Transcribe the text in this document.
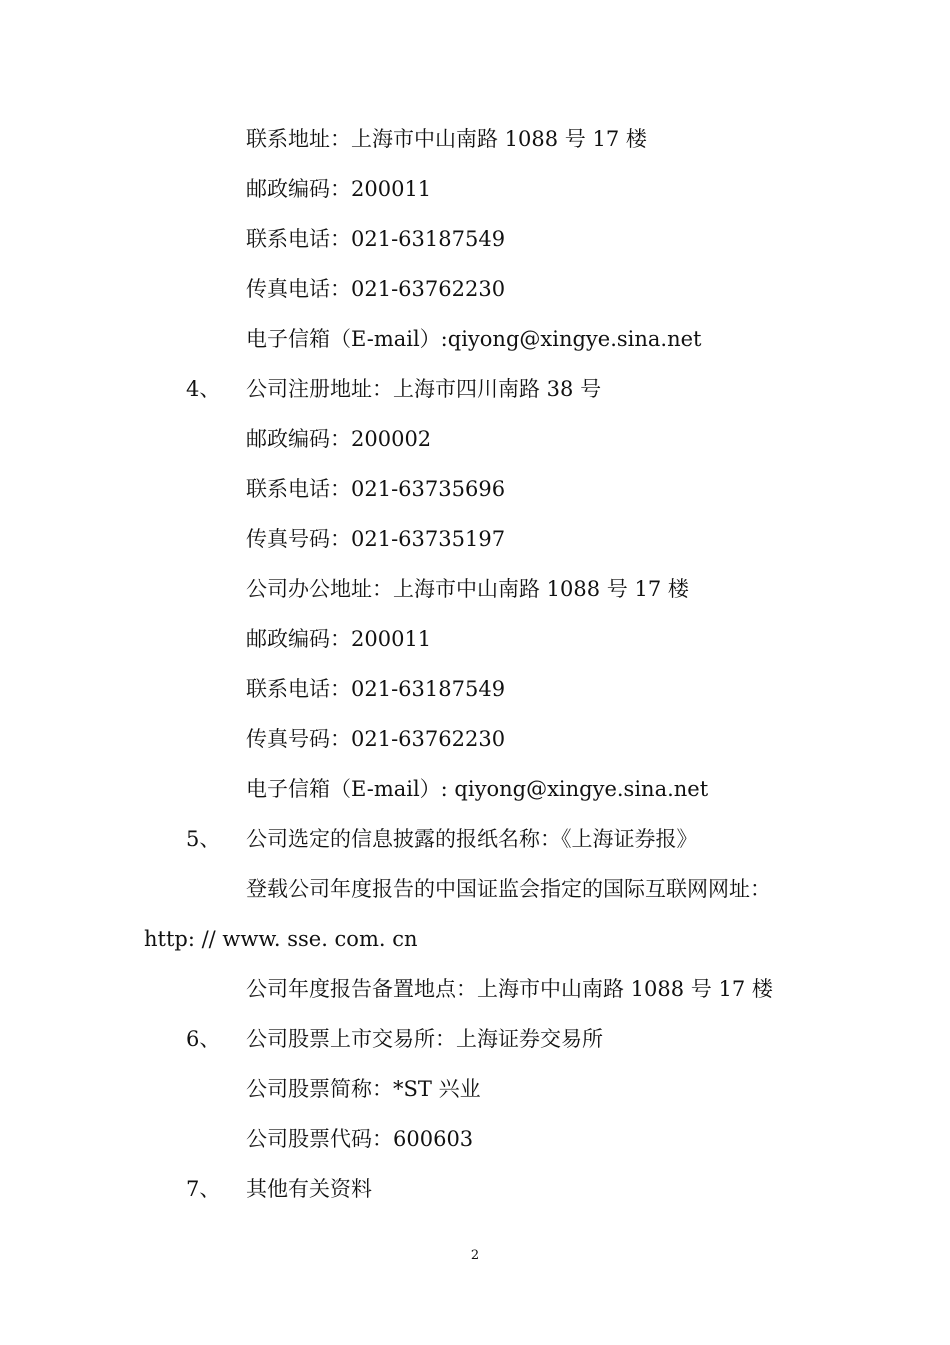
联系地址：上海市中山南路 1088 号 17 楼
邮政编码：200011
联系电话：021-63187549
传真电话：021-63762230
电子信箱（E-mail）:qiyong@xingye.sina.net
4、 公司注册地址：上海市四川南路 38 号
邮政编码：200002
联系电话：021-63735696
传真号码：021-63735197
公司办公地址：上海市中山南路 1088 号 17 楼
邮政编码：200011
联系电话：021-63187549
传真号码：021-63762230
电子信箱（E-mail）: qiyong@xingye.sina.net
5、 公司选定的信息披露的报纸名称：《上海证券报》
登载公司年度报告的中国证监会指定的国际互联网网址：
http: // www. sse. com. cn
公司年度报告备置地点：上海市中山南路 1088 号 17 楼
6、 公司股票上市交易所：上海证券交易所
公司股票简称：*ST 兴业
公司股票代码：600603
7、 其他有关资料
2
